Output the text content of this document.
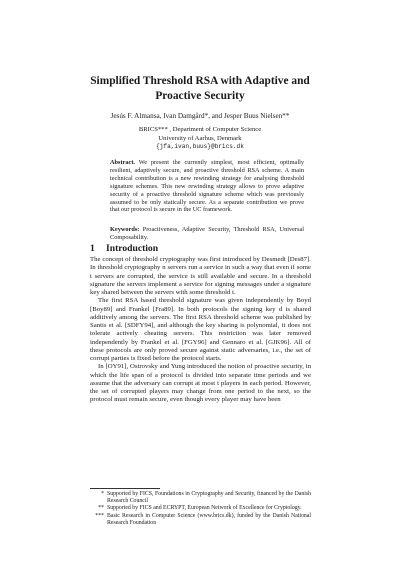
Simplified Threshold RSA with Adaptive and
Proactive Security
Jesús F. Almansa, Ivan Damgård*, and Jesper Buus Nielsen**
BRICS*** , Department of Computer Science
University of Aarhus, Denmark
{jfa,ivan,buus}@brics.dk
Abstract. We present the currently simplest, most efficient, optimally resilient, adaptively secure, and proactive threshold RSA scheme. A main technical contribution is a new rewinding strategy for analysing threshold signature schemes. This new rewinding strategy allows to prove adaptive security of a proactive threshold signature scheme which was previously assumed to be only statically secure. As a separate contribution we prove that our protocol is secure in the UC framework.
Keywords: Proactiveness, Adaptive Security, Threshold RSA, Universal Composability.
1 Introduction

The concept of threshold cryptography was first introduced by Desmedt [Des87]. In threshold cryptography n servers run a service in such a way that even if some t servers are corrupted, the service is still available and secure. In a threshold signature the servers implement a service for signing messages under a signature key shared between the servers with some threshold t.

The first RSA based threshold signature was given independently by Boyd [Boy89] and Frankel [Fra89]. In both protocols the signing key d is shared additively among the servers. The first RSA threshold scheme was published by Santis et al. [SDFY94], and although the key sharing is polynomial, it does not tolerate actively cheating servers. This restriction was later removed independently by Frankel et al. [FGY96] and Gennaro et al. [GJK96]. All of these protocols are only proved secure against static adversaries, i.e., the set of corrupt parties is fixed before the protocol starts.

In [OY91], Ostrovsky and Yung introduced the notion of proactive security, in which the life span of a protocol is divided into separate time periods and we assume that the adversary can corrupt at most t players in each period. However, the set of corrupted players may change from one period to the next, so the protocol must remain secure, even though every player may have been

* Supported by FICS, Foundations in Cryptography and Security, financed by the Danish Research Council
** Supported by FICS and ECRYPT, European Network of Excellence for Cryptology.
*** Basic Research in Computer Science (www.brics.dk), funded by the Danish National Research Foundation
